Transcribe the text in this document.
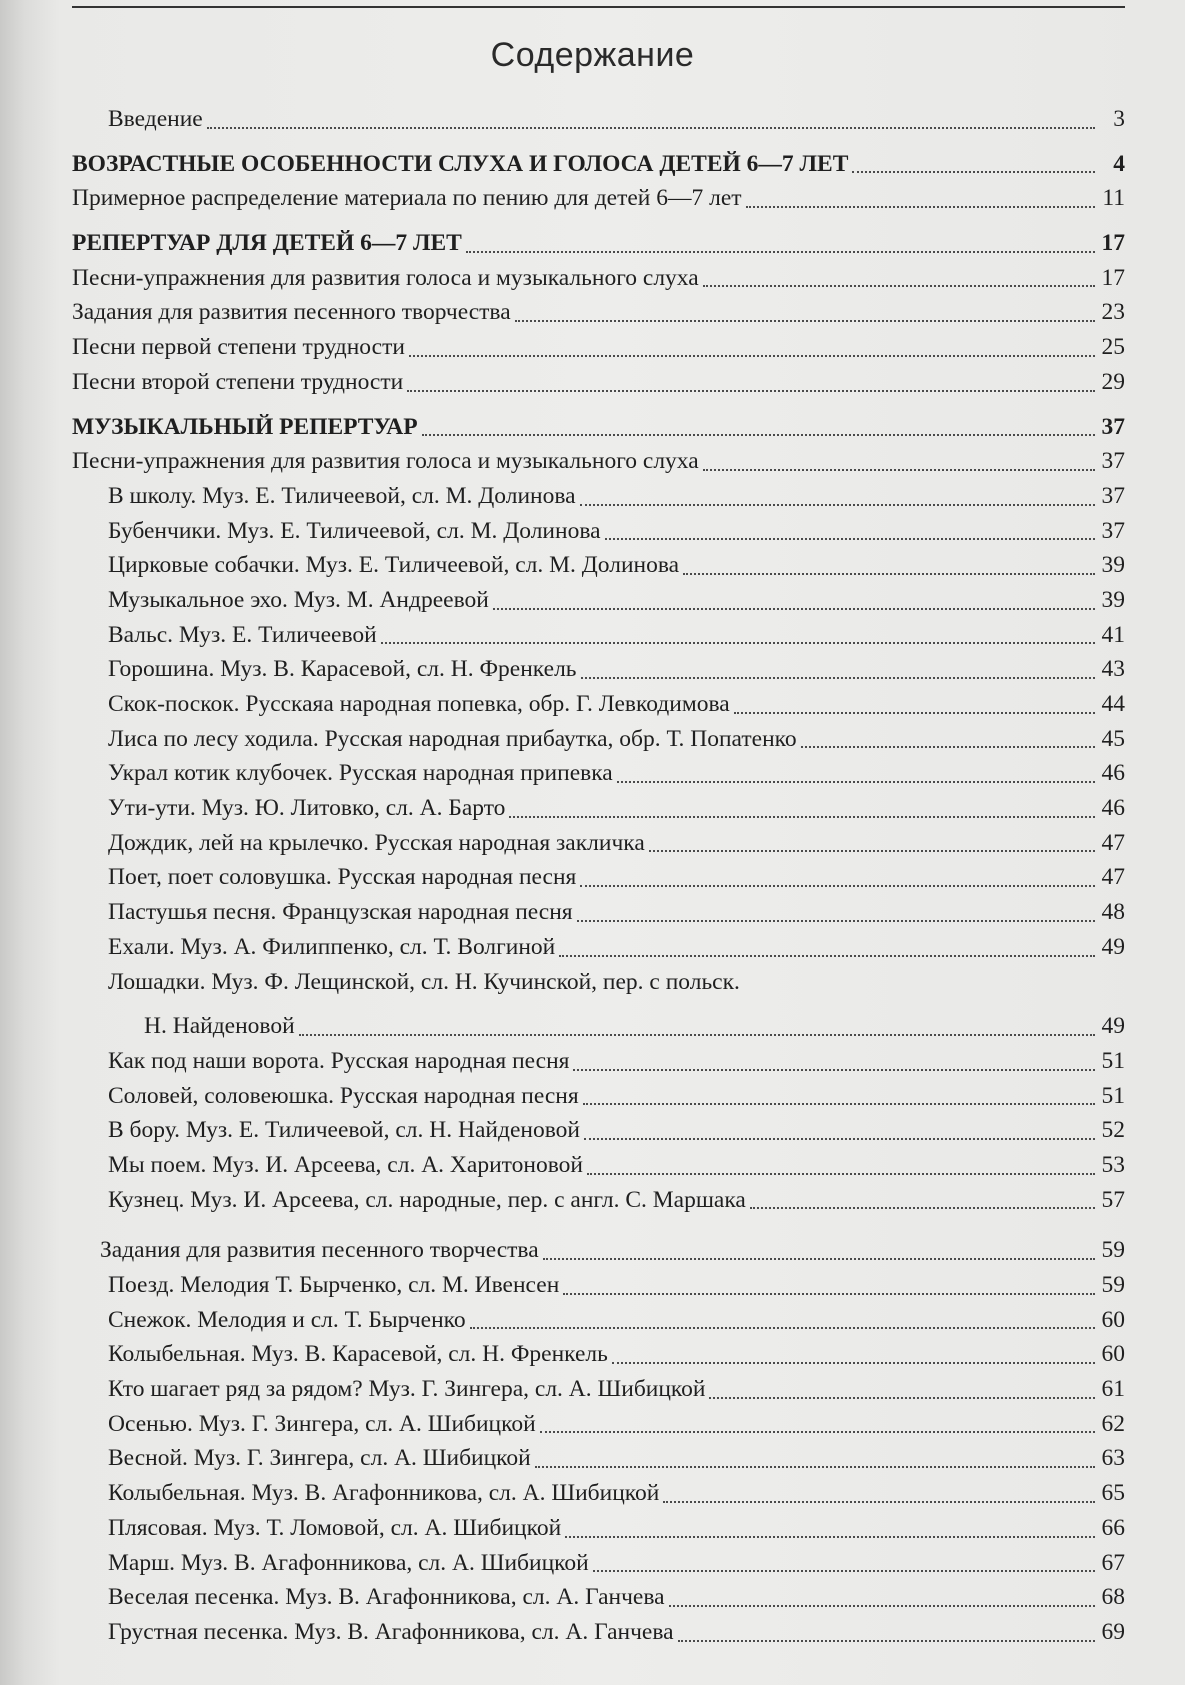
Содержание
Введение	3
ВОЗРАСТНЫЕ ОСОБЕННОСТИ СЛУХА И ГОЛОСА ДЕТЕЙ 6—7 ЛЕТ	4
Примерное распределение материала по пению для детей 6—7 лет	11
РЕПЕРТУАР ДЛЯ ДЕТЕЙ 6—7 ЛЕТ	17
Песни-упражнения для развития голоса и музыкального слуха	17
Задания для развития песенного творчества	23
Песни первой степени трудности	25
Песни второй степени трудности	29
МУЗЫКАЛЬНЫЙ РЕПЕРТУАР	37
Песни-упражнения для развития голоса и музыкального слуха	37
В школу. Муз. Е. Тиличеевой, сл. М. Долинова	37
Бубенчики. Муз. Е. Тиличеевой, сл. М. Долинова	37
Цирковые собачки. Муз. Е. Тиличеевой, сл. М. Долинова	39
Музыкальное эхо. Муз. М. Андреевой	39
Вальс. Муз. Е. Тиличеевой	41
Горошина. Муз. В. Карасевой, сл. Н. Френкель	43
Скок-поскок. Русскаяа народная попевка, обр. Г. Левкодимова	44
Лиса по лесу ходила. Русская народная прибаутка, обр. Т. Попатенко	45
Украл котик клубочек. Русская народная припевка	46
Ути-ути. Муз. Ю. Литовко, сл. А. Барто	46
Дождик, лей на крылечко. Русская народная закличка	47
Поет, поет соловушка. Русская народная песня	47
Пастушья песня. Французская народная песня	48
Ехали. Муз. А. Филиппенко, сл. Т. Волгиной	49
Лошадки. Муз. Ф. Лещинской, сл. Н. Кучинской, пер. с польск.
Н. Найденовой	49
Как под наши ворота. Русская народная песня	51
Соловей, соловеюшка. Русская народная песня	51
В бору. Муз. Е. Тиличеевой, сл. Н. Найденовой	52
Мы поем. Муз. И. Арсеева, сл. А. Харитоновой	53
Кузнец. Муз. И. Арсеева, сл. народные, пер. с англ. С. Маршака	57
Задания для развития песенного творчества	59
Поезд. Мелодия Т. Бырченко, сл. М. Ивенсен	59
Снежок. Мелодия и сл. Т. Бырченко	60
Колыбельная. Муз. В. Карасевой, сл. Н. Френкель	60
Кто шагает ряд за рядом? Муз. Г. Зингера, сл. А. Шибицкой	61
Осенью. Муз. Г. Зингера, сл. А. Шибицкой	62
Весной. Муз. Г. Зингера, сл. А. Шибицкой	63
Колыбельная. Муз. В. Агафонникова, сл. А. Шибицкой	65
Плясовая. Муз. Т. Ломовой, сл. А. Шибицкой	66
Марш. Муз. В. Агафонникова, сл. А. Шибицкой	67
Веселая песенка. Муз. В. Агафонникова, сл. А. Ганчева	68
Грустная песенка. Муз. В. Агафонникова, сл. А. Ганчева	69
